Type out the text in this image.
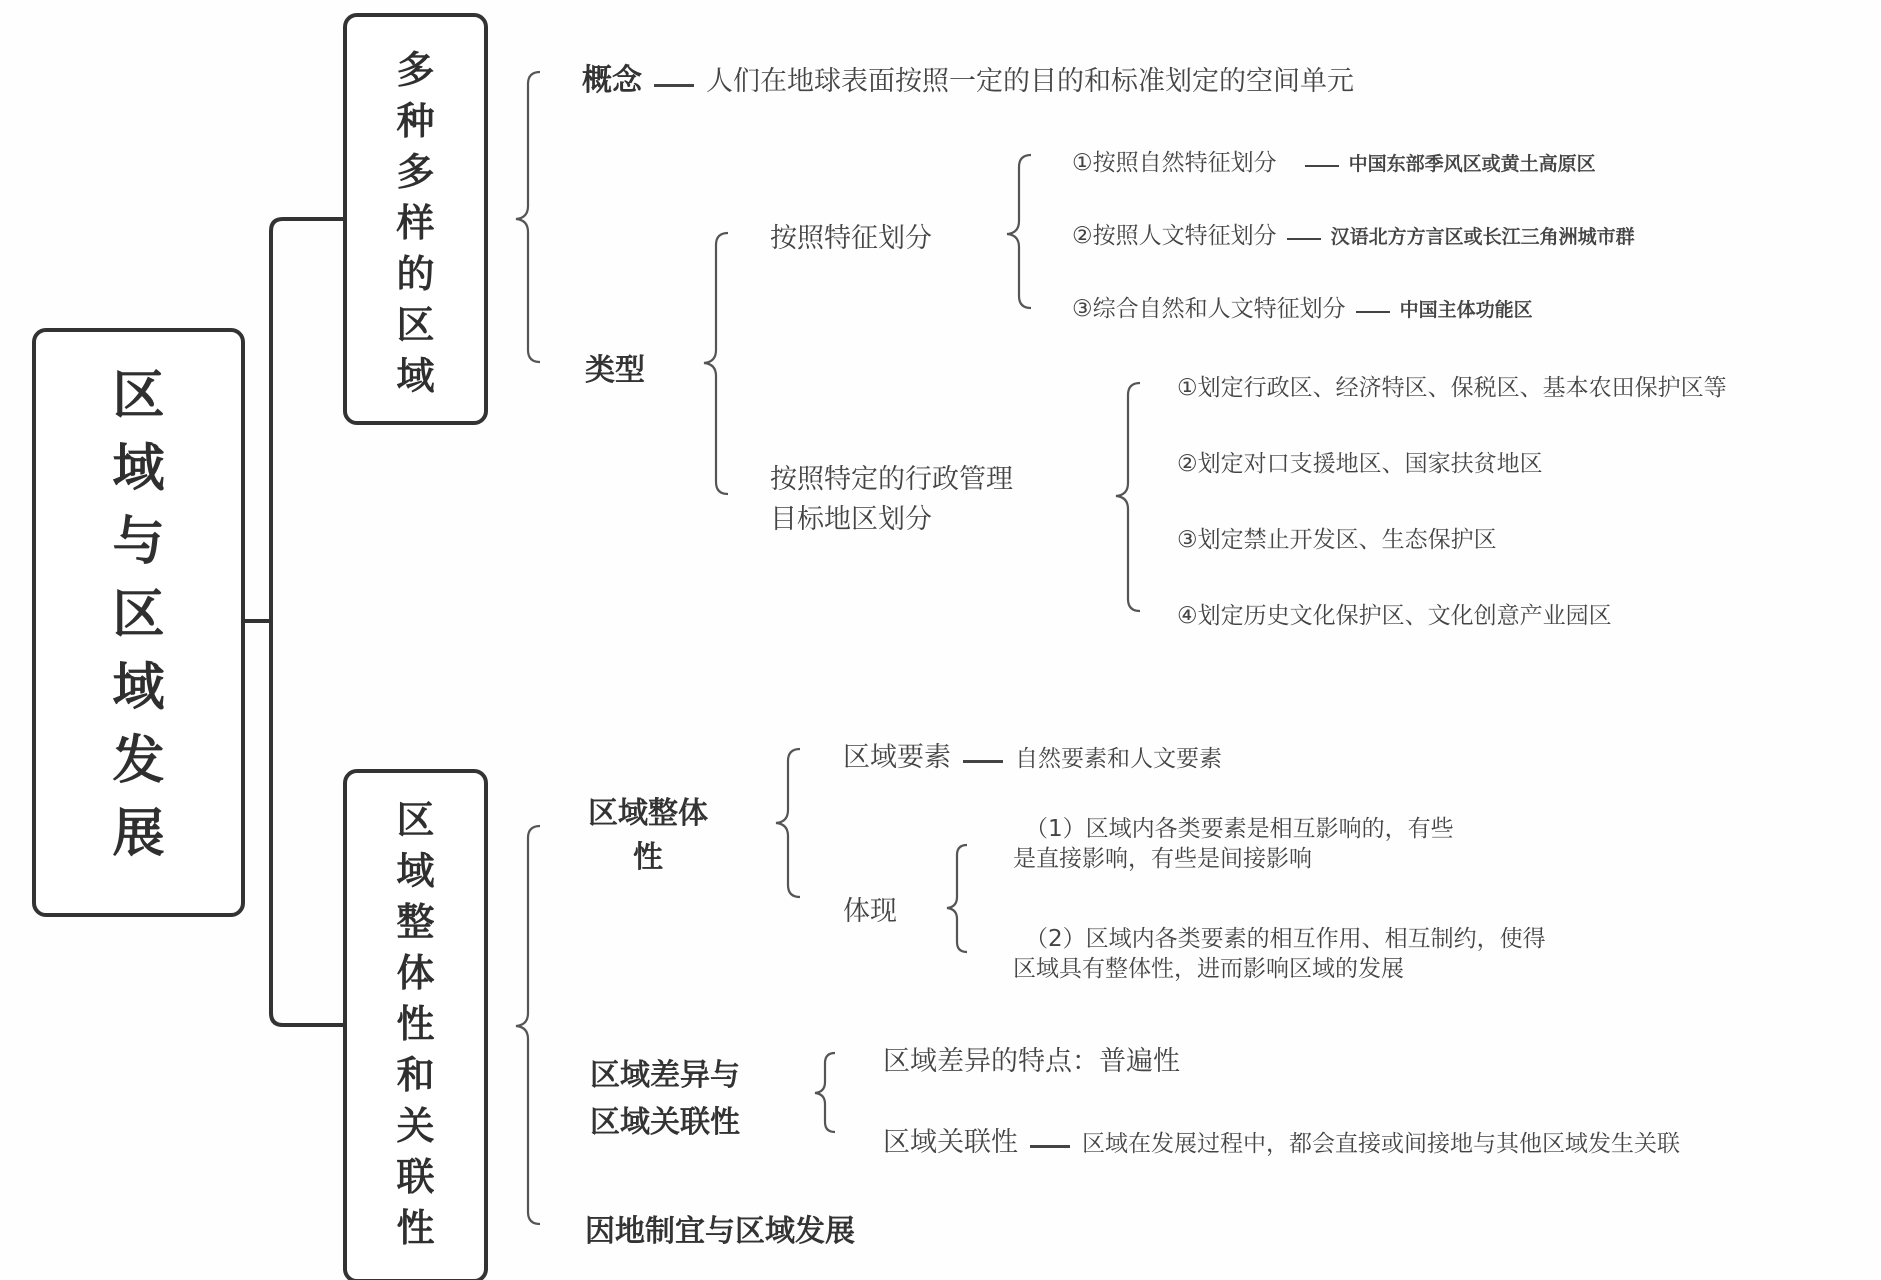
区
域
与
区
域
发
展
多
种
多
样
的
区
域
区
域
整
体
性
和
关
联
性
概念 人们在地球表面按照一定的目的和标准划定的空间单元
类型
按照特征划分
①按照自然特征划分	中国东部季风区或黄土高原区
②按照人文特征划分	汉语北方方言区或长江三角洲城市群
③综合自然和人文特征划分	中国主体功能区
按照特定的行政管理
目标地区划分
①划定行政区、经济特区、保税区、基本农田保护区等
②划定对口支援地区、国家扶贫地区
③划定禁止开发区、生态保护区
④划定历史文化保护区、文化创意产业园区
区域整体
性
区域要素	自然要素和人文要素
体现
（1）区域内各类要素是相互影响的，有些
是直接影响，有些是间接影响
（2）区域内各类要素的相互作用、相互制约，使得
区域具有整体性，进而影响区域的发展
区域差异与
区域关联性
区域差异的特点：普遍性
区域关联性	区域在发展过程中，都会直接或间接地与其他区域发生关联
因地制宜与区域发展
